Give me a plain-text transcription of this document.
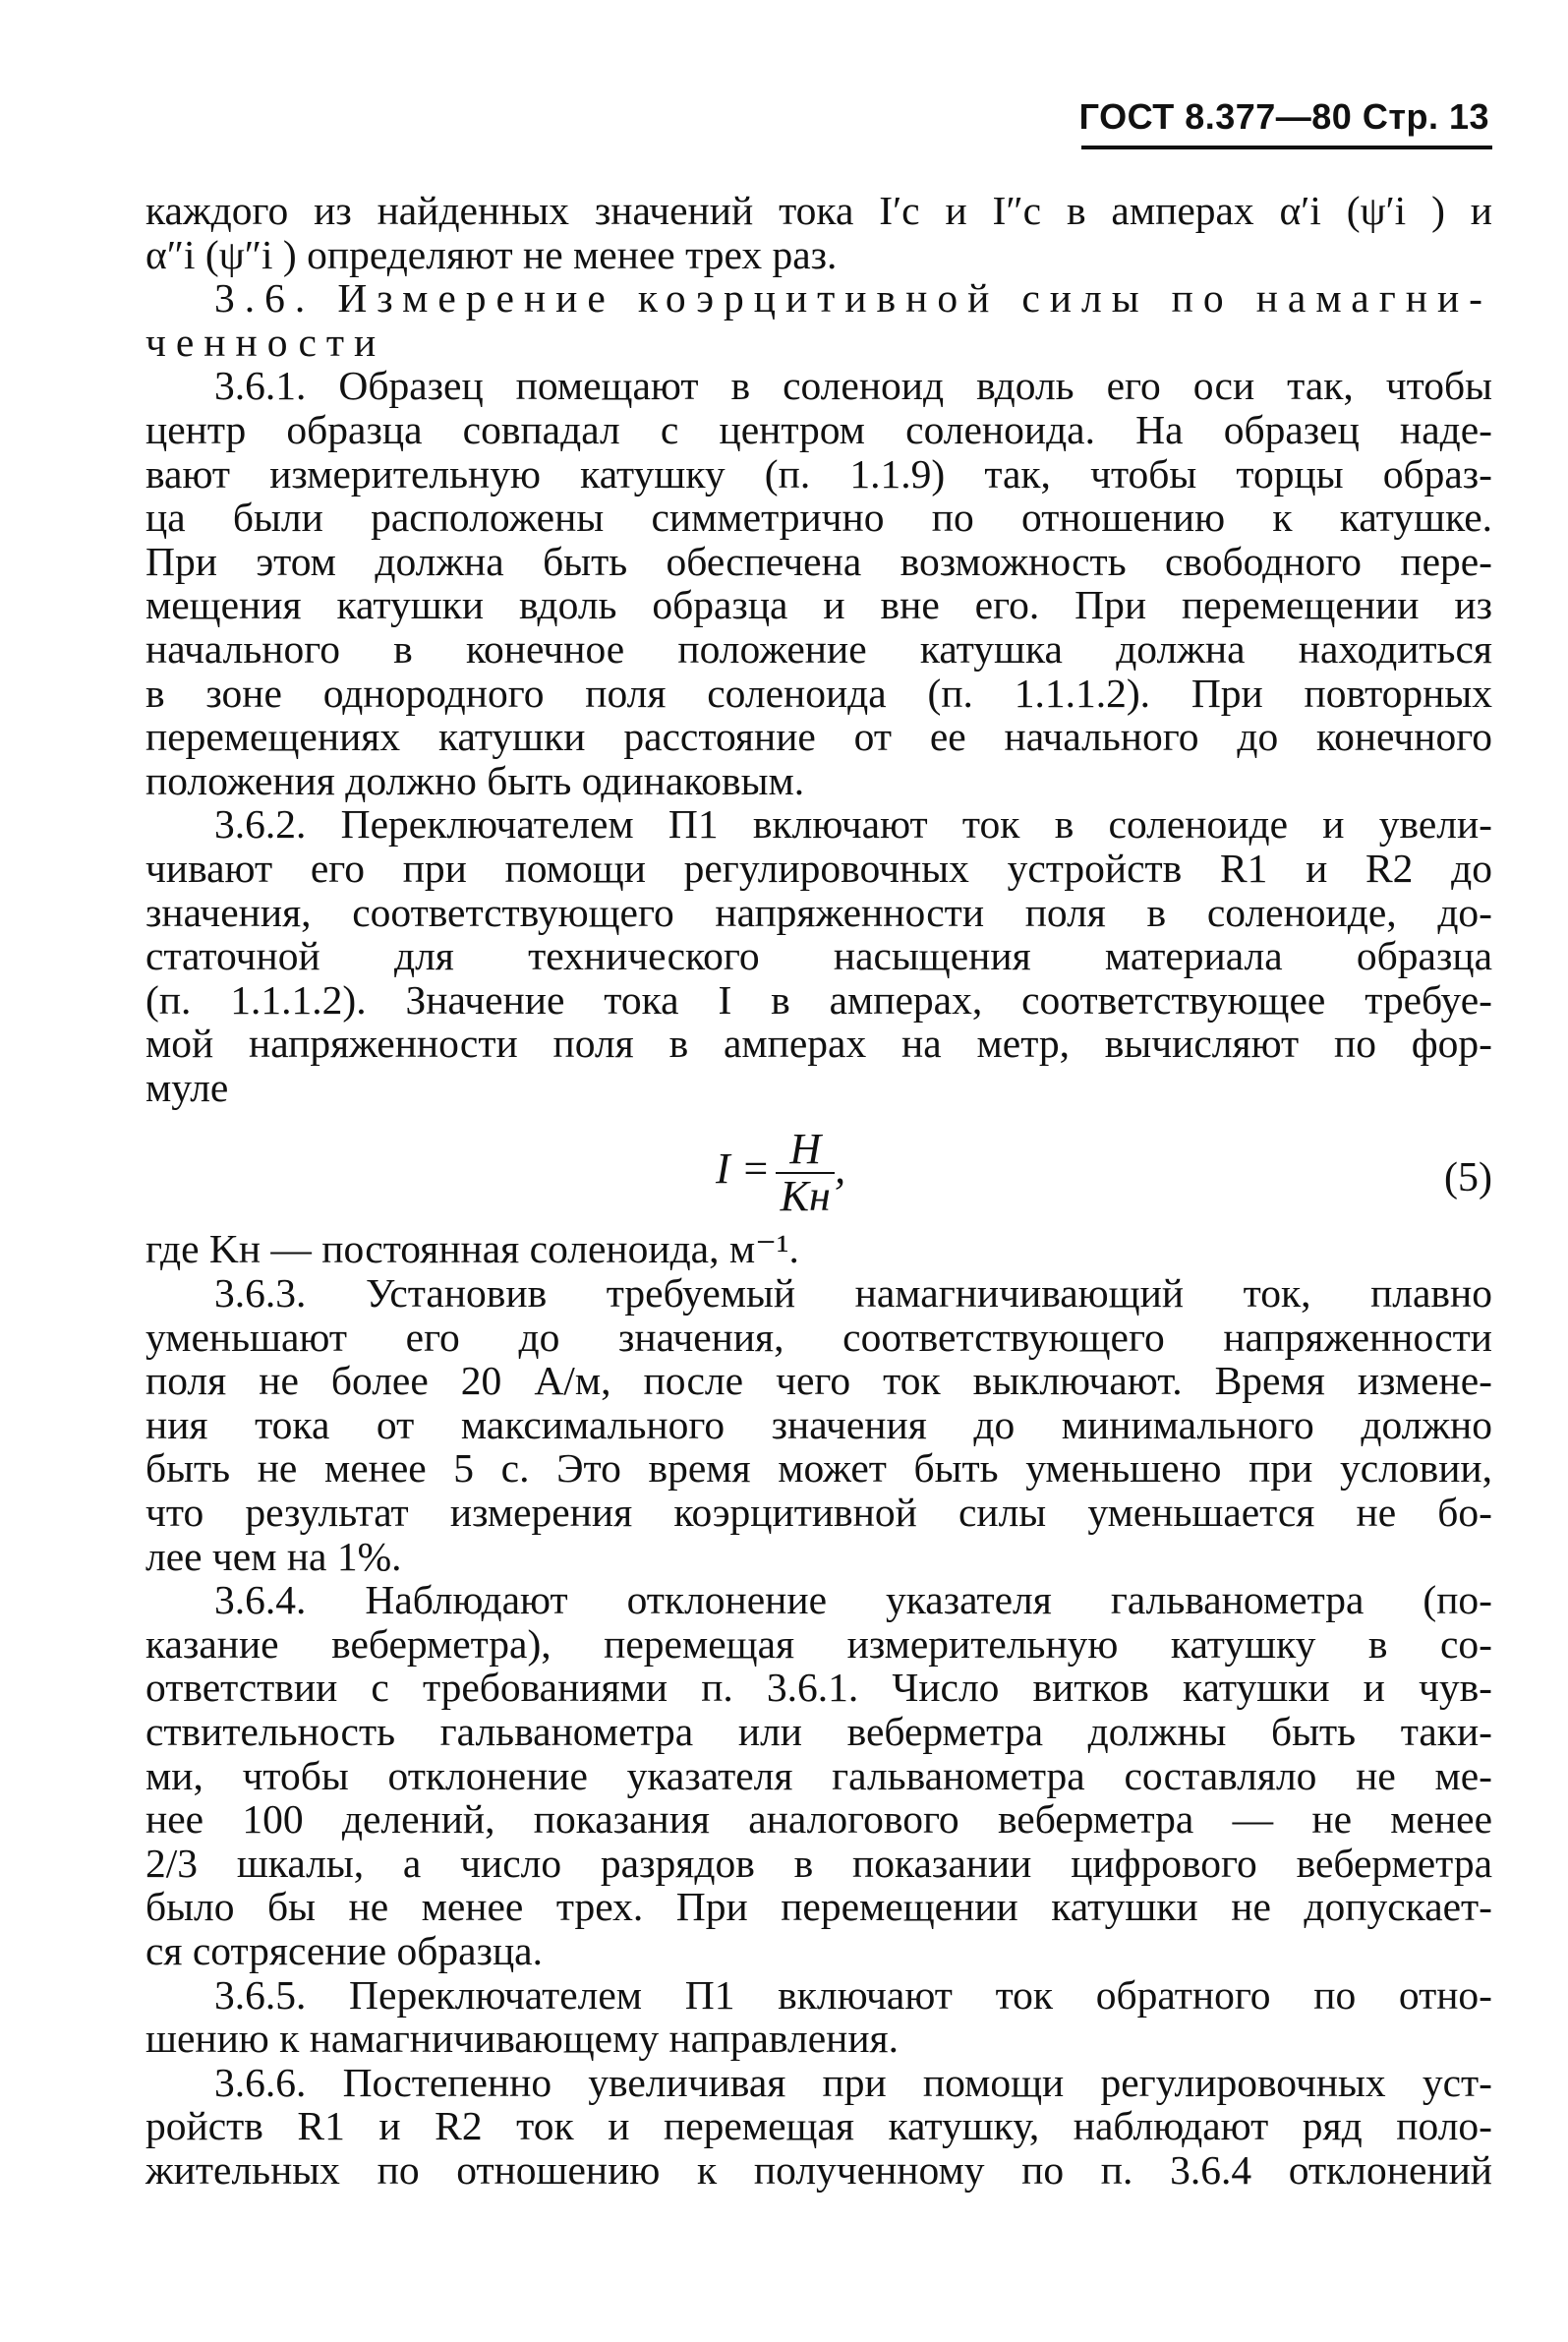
ГОСТ 8.377—80 Стр. 13
каждого из найденных значений тока I′с и I″с в амперах α′i (ψ′i ) и
α″i (ψ″i ) определяют не менее трех раз.
3.6. Измерение коэрцитивной силы по намагни-
ченности
3.6.1. Образец помещают в соленоид вдоль его оси так, чтобы
центр образца совпадал с центром соленоида. На образец наде-
вают измерительную катушку (п. 1.1.9) так, чтобы торцы образ-
ца были расположены симметрично по отношению к катушке.
При этом должна быть обеспечена возможность свободного пере-
мещения катушки вдоль образца и вне его. При перемещении из
начального в конечное положение катушка должна находиться
в зоне однородного поля соленоида (п. 1.1.1.2). При повторных
перемещениях катушки расстояние от ее начального до конечного
положения должно быть одинаковым.
3.6.2. Переключателем П1 включают ток в соленоиде и увели-
чивают его при помощи регулировочных устройств R1 и R2 до
значения, соответствующего напряженности поля в соленоиде, до-
статочной для технического насыщения материала образца
(п. 1.1.1.2). Значение тока I в амперах, соответствующее требуе-
мой напряженности поля в амперах на метр, вычисляют по фор-
муле
$I = \frac{H}{Kн}$ ,	(5)
где Kн — постоянная соленоида, м⁻¹.
3.6.3. Установив требуемый намагничивающий ток, плавно
уменьшают его до значения, соответствующего напряженности
поля не более 20 А/м, после чего ток выключают. Время измене-
ния тока от максимального значения до минимального должно
быть не менее 5 с. Это время может быть уменьшено при условии,
что результат измерения коэрцитивной силы уменьшается не бо-
лее чем на 1%.
3.6.4. Наблюдают отклонение указателя гальванометра (по-
казание веберметра), перемещая измерительную катушку в со-
ответствии с требованиями п. 3.6.1. Число витков катушки и чув-
ствительность гальванометра или веберметра должны быть таки-
ми, чтобы отклонение указателя гальванометра составляло не ме-
нее 100 делений, показания аналогового веберметра — не менее
2/3 шкалы, а число разрядов в показании цифрового веберметра
было бы не менее трех. При перемещении катушки не допускает-
ся сотрясение образца.
3.6.5. Переключателем П1 включают ток обратного по отно-
шению к намагничивающему направления.
3.6.6. Постепенно увеличивая при помощи регулировочных уст-
ройств R1 и R2 ток и перемещая катушку, наблюдают ряд поло-
жительных по отношению к полученному по п. 3.6.4 отклонений
